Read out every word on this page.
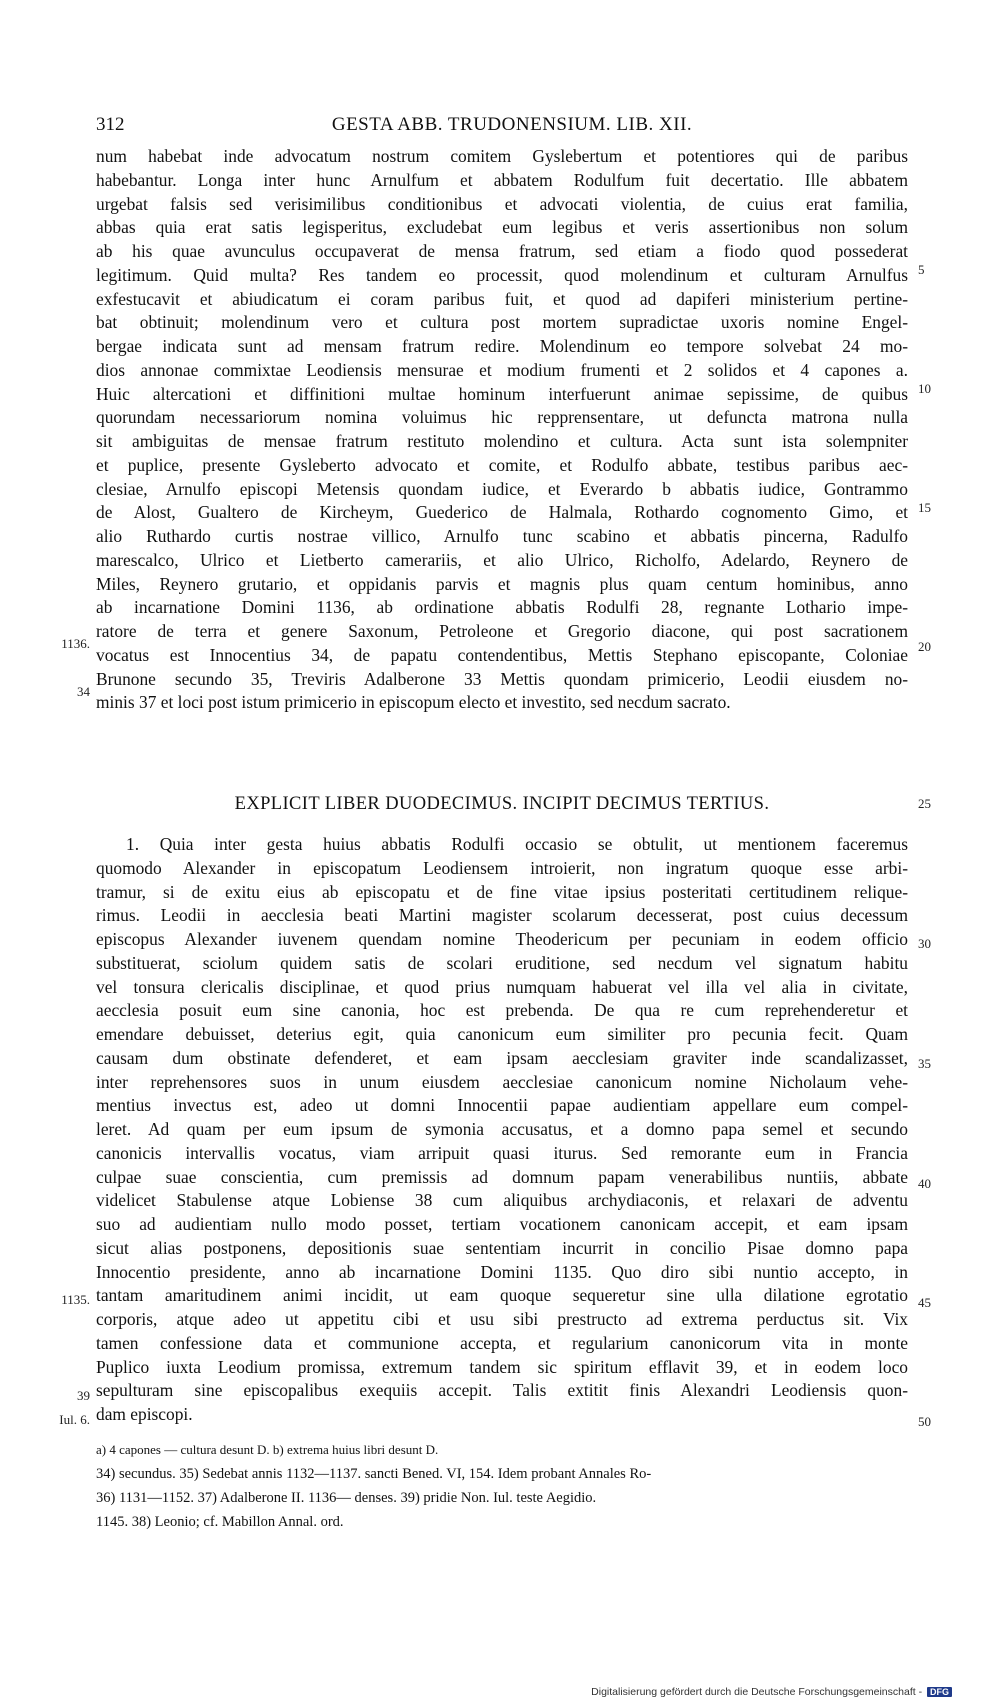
312	GESTA ABB. TRUDONENSIUM. LIB. XII.
num habebat inde advocatum nostrum comitem Gyslebertum et potentiores qui de paribus
habebantur. Longa inter hunc Arnulfum et abbatem Rodulfum fuit decertatio. Ille abbatem
urgebat falsis sed verisimilibus conditionibus et advocati violentia, de cuius erat familia,
abbas quia erat satis legisperitus, excludebat eum legibus et veris assertionibus non solum
ab his quae avunculus occupaverat de mensa fratrum, sed etiam a fiodo quod possederat
legitimum. Quid multa? Res tandem eo processit, quod molendinum et culturam Arnulfus
exfestucavit et abiudicatum ei coram paribus fuit, et quod ad dapiferi ministerium pertine-
bat obtinuit; molendinum vero et cultura post mortem supradictae uxoris nomine Engel-
bergae indicata sunt ad mensam fratrum redire. Molendinum eo tempore solvebat 24 mo-
dios annonae commixtae Leodiensis mensurae et modium frumenti et 2 solidos et 4 capones a.
Huic altercationi et diffinitioni multae hominum interfuerunt animae sepissime, de quibus
quorundam necessariorum nomina voluimus hic repprensentare, ut defuncta matrona nulla
sit ambiguitas de mensae fratrum restituto molendino et cultura. Acta sunt ista solempniter
et puplice, presente Gysleberto advocato et comite, et Rodulfo abbate, testibus paribus aec-
clesiae, Arnulfo episcopi Metensis quondam iudice, et Everardo b abbatis iudice, Gontrammo
de Alost, Gualtero de Kircheym, Guederico de Halmala, Rothardo cognomento Gimo, et
alio Ruthardo curtis nostrae villico, Arnulfo tunc scabino et abbatis pincerna, Radulfo
marescalco, Ulrico et Lietberto camerariis, et alio Ulrico, Richolfo, Adelardo, Reynero de
Miles, Reynero grutario, et oppidanis parvis et magnis plus quam centum hominibus, anno
ab incarnatione Domini 1136, ab ordinatione abbatis Rodulfi 28, regnante Lothario impe-
ratore de terra et genere Saxonum, Petroleone et Gregorio diacone, qui post sacrationem
vocatus est Innocentius 34, de papatu contendentibus, Mettis Stephano episcopante, Coloniae
Brunone secundo 35, Treviris Adalberone 33 Mettis quondam primicerio, Leodii eiusdem no-
minis 37 et loci post istum primicerio in episcopum electo et investito, sed necdum sacrato.
EXPLICIT LIBER DUODECIMUS. INCIPIT DECIMUS TERTIUS.
1. Quia inter gesta huius abbatis Rodulfi occasio se obtulit, ut mentionem faceremus
quomodo Alexander in episcopatum Leodiensem introierit, non ingratum quoque esse arbi-
tramur, si de exitu eius ab episcopatu et de fine vitae ipsius posteritati certitudinem relique-
rimus. Leodii in aecclesia beati Martini magister scolarum decesserat, post cuius decessum
episcopus Alexander iuvenem quendam nomine Theodericum per pecuniam in eodem officio
substituerat, sciolum quidem satis de scolari eruditione, sed necdum vel signatum habitu
vel tonsura clericalis disciplinae, et quod prius numquam habuerat vel illa vel alia in civitate,
aecclesia posuit eum sine canonia, hoc est prebenda. De qua re cum reprehenderetur et
emendare debuisset, deterius egit, quia canonicum eum similiter pro pecunia fecit. Quam
causam dum obstinate defenderet, et eam ipsam aecclesiam graviter inde scandalizasset,
inter reprehensores suos in unum eiusdem aecclesiae canonicum nomine Nicholaum vehe-
mentius invectus est, adeo ut domni Innocentii papae audientiam appellare eum compel-
leret. Ad quam per eum ipsum de symonia accusatus, et a domno papa semel et secundo
canonicis intervallis vocatus, viam arripuit quasi iturus. Sed remorante eum in Francia
culpae suae conscientia, cum premissis ad domnum papam venerabilibus nuntiis, abbate
videlicet Stabulense atque Lobiense 38 cum aliquibus archydiaconis, et relaxari de adventu
suo ad audientiam nullo modo posset, tertiam vocationem canonicam accepit, et eam ipsam
sicut alias postponens, depositionis suae sententiam incurrit in concilio Pisae domno papa
Innocentio presidente, anno ab incarnatione Domini 1135. Quo diro sibi nuntio accepto, in
tantam amaritudinem animi incidit, ut eam quoque sequeretur sine ulla dilatione egrotatio
corporis, atque adeo ut appetitu cibi et usu sibi prestructo ad extrema perductus sit. Vix
tamen confessione data et communione accepta, et regularium canonicorum vita in monte
Puplico iuxta Leodium promissa, extremum tandem sic spiritum efflavit 39, et in eodem loco
sepulturam sine episcopalibus exequiis accepit. Talis extitit finis Alexandri Leodiensis quon-
dam episcopi.
5
10
15
20
25
30
35
40
45
50
1136.
34
1135.
39
Iul. 6.
a) 4 capones — cultura desunt D. b) extrema huius libri desunt D.
34) secundus. 35) Sedebat annis 1132—1137. sancti Bened. VI, 154. Idem probant Annales Ro-
36) 1131—1152. 37) Adalberone II. 1136— denses. 39) pridie Non. Iul. teste Aegidio.
1145. 38) Leonio; cf. Mabillon Annal. ord.
Digitalisierung gefördert durch die Deutsche Forschungsgemeinschaft - DFG
